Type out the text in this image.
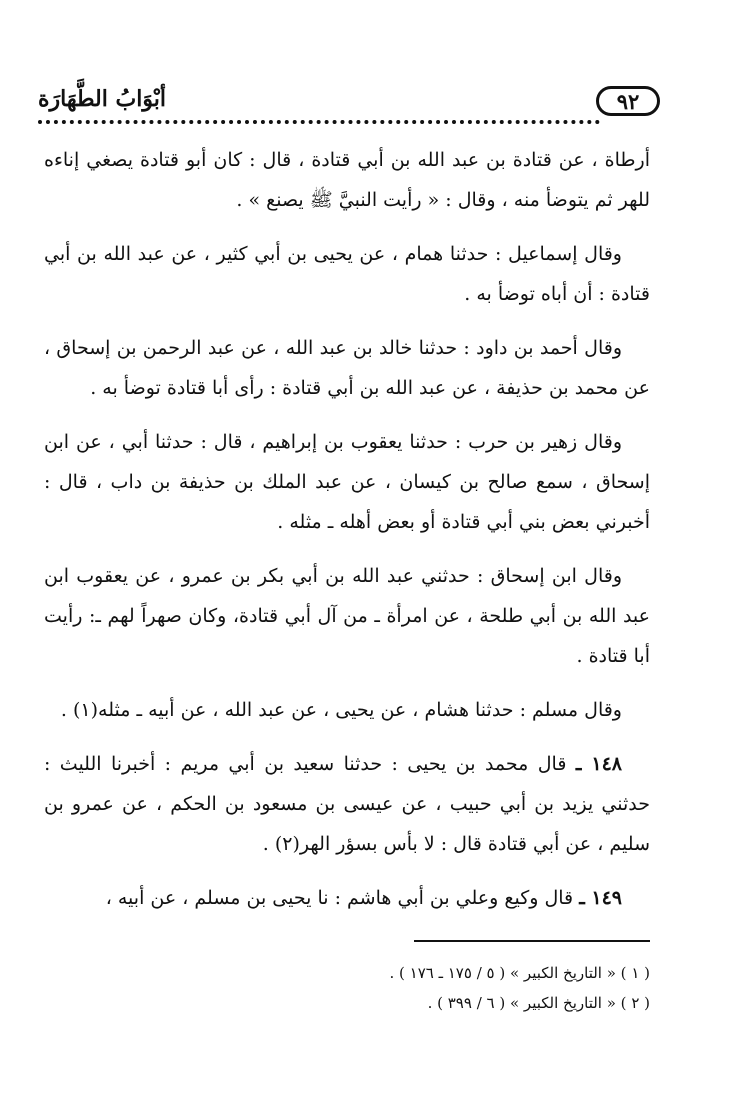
٩٢
أبْوَابُ الطَّهَارَة

أرطاة ، عن قتادة بن عبد الله بن أبي قتادة ، قال : كان أبو قتادة يصغي إناءه للهر ثم يتوضأ منه ، وقال : « رأيت النبيَّ ﷺ يصنع » .

وقال إسماعيل : حدثنا همام ، عن يحيى بن أبي كثير ، عن عبد الله بن أبي قتادة : أن أباه توضأ به .

وقال أحمد بن داود : حدثنا خالد بن عبد الله ، عن عبد الرحمن بن إسحاق ، عن محمد بن حذيفة ، عن عبد الله بن أبي قتادة : رأى أبا قتادة توضأ به .

وقال زهير بن حرب : حدثنا يعقوب بن إبراهيم ، قال : حدثنا أبي ، عن ابن إسحاق ، سمع صالح بن كيسان ، عن عبد الملك بن حذيفة بن داب ، قال : أخبرني بعض بني أبي قتادة أو بعض أهله ـ مثله .

وقال ابن إسحاق : حدثني عبد الله بن أبي بكر بن عمرو ، عن يعقوب ابن عبد الله بن أبي طلحة ، عن امرأة ـ من آل أبي قتادة، وكان صهراً لهم ـ: رأيت أبا قتادة .

وقال مسلم : حدثنا هشام ، عن يحيى ، عن عبد الله ، عن أبيه ـ مثله(١) .

١٤٨ ـ قال محمد بن يحيى : حدثنا سعيد بن أبي مريم : أخبرنا الليث : حدثني يزيد بن أبي حبيب ، عن عيسى بن مسعود بن الحكم ، عن عمرو بن سليم ، عن أبي قتادة قال : لا بأس بسؤر الهر(٢) .

١٤٩ ـ قال وكيع وعلي بن أبي هاشم : نا يحيى بن مسلم ، عن أبيه ،

( ١ ) « التاريخ الكبير » ( ٥ / ١٧٥ ـ ١٧٦ ) .
( ٢ ) « التاريخ الكبير » ( ٦ / ٣٩٩ ) .
